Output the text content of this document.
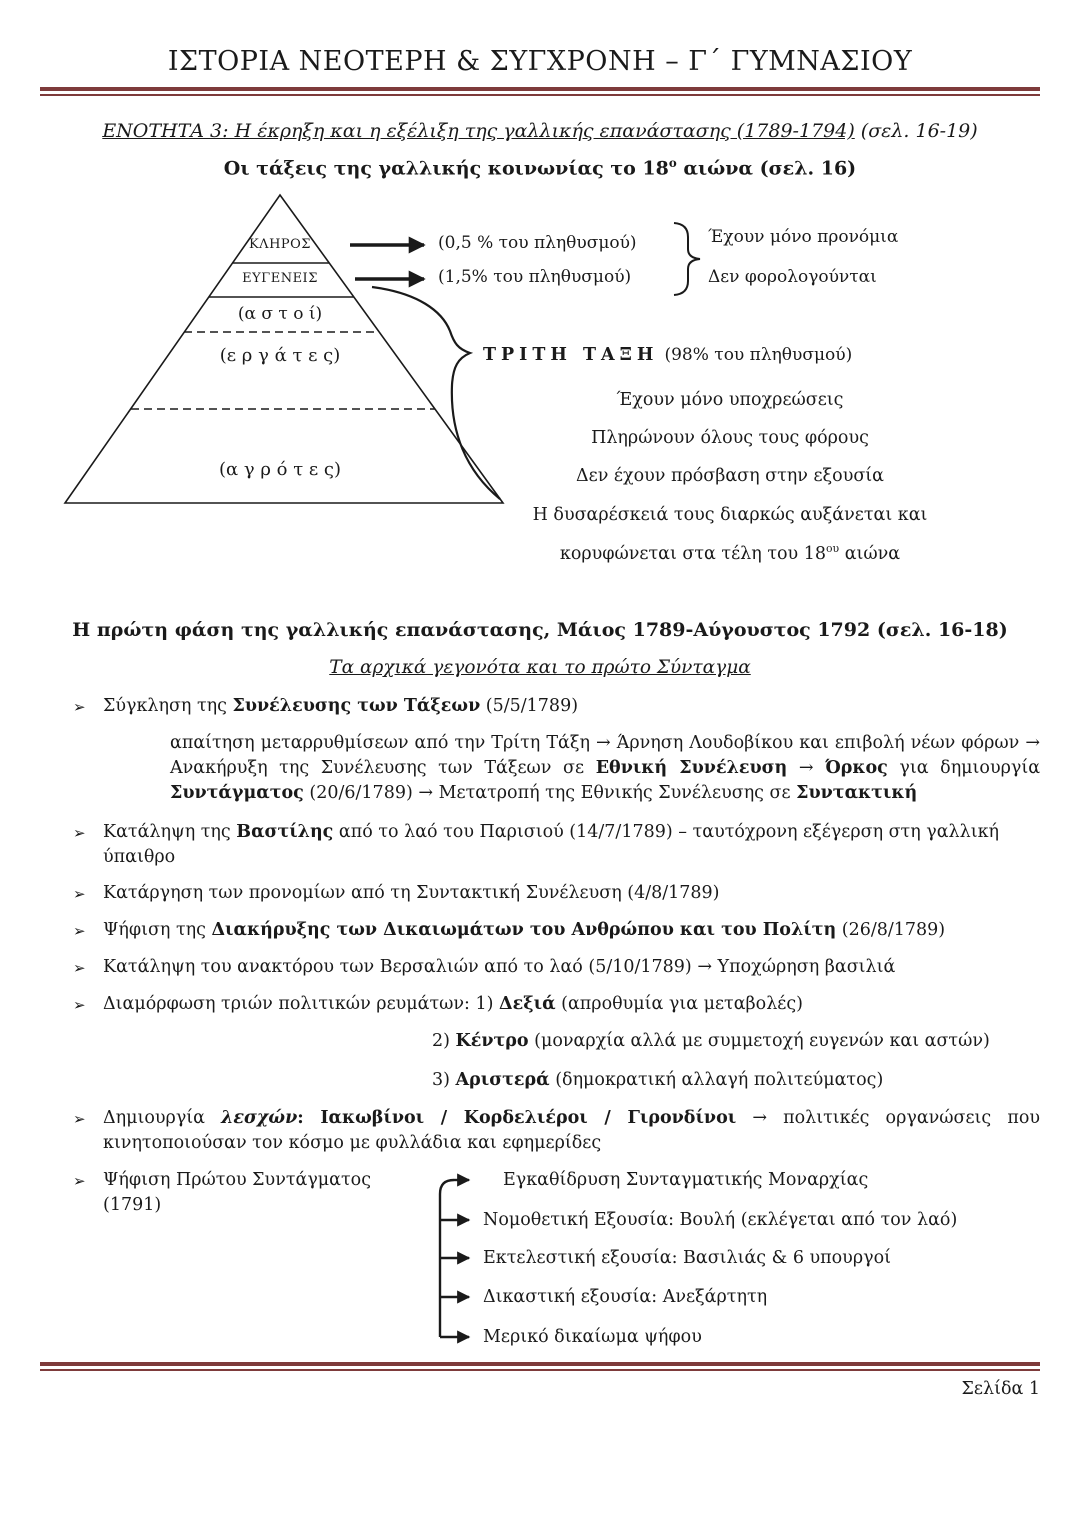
ΙΣΤΟΡΙΑ ΝΕΟΤΕΡΗ & ΣΥΓΧΡΟΝΗ – Γ΄ ΓΥΜΝΑΣΙΟΥ
ΕΝΟΤΗΤΑ 3: Η έκρηξη και η εξέλιξη της γαλλικής επανάστασης (1789-1794) (σελ. 16-19)
Οι τάξεις της γαλλικής κοινωνίας το $18^o$ αιώνα (σελ. 16)
ΚΛΗΡΟΣ
ΕΥΓΕΝΕΙΣ
(α σ τ ο ί)
(ε ρ γ ά τ ε ς)
(α γ ρ ό τ ε ς)
(0,5 % του πληθυσμού)
(1,5% του πληθυσμού)
Έχουν μόνο προνόμια
Δεν φορολογούνται
ΤΡΙΤΗ ΤΑΞΗ (98% του πληθυσμού)
Έχουν μόνο υποχρεώσεις
Πληρώνουν όλους τους φόρους
Δεν έχουν πρόσβαση στην εξουσία
Η δυσαρέσκειά τους διαρκώς αυξάνεται και
κορυφώνεται στα τέλη του $18^{o\upsilon}$ αιώνα
Η πρώτη φάση της γαλλικής επανάστασης, Μάιος 1789-Αύγουστος 1792 (σελ. 16-18)
Τα αρχικά γεγονότα και το πρώτο Σύνταγμα
➢ Σύγκληση της Συνέλευσης των Τάξεων (5/5/1789)
απαίτηση μεταρρυθμίσεων από την Τρίτη Τάξη → Άρνηση Λουδοβίκου και επιβολή νέων φόρων → Ανακήρυξη της Συνέλευσης των Τάξεων σε Εθνική Συνέλευση → Όρκος για δημιουργία Συντάγματος (20/6/1789) → Μετατροπή της Εθνικής Συνέλευσης σε Συντακτική
➢ Κατάληψη της Βαστίλης από το λαό του Παρισιού (14/7/1789) – ταυτόχρονη εξέγερση στη γαλλική ύπαιθρο
➢ Κατάργηση των προνομίων από τη Συντακτική Συνέλευση (4/8/1789)
➢ Ψήφιση της Διακήρυξης των Δικαιωμάτων του Ανθρώπου και του Πολίτη (26/8/1789)
➢ Κατάληψη του ανακτόρου των Βερσαλιών από το λαό (5/10/1789) → Υποχώρηση βασιλιά
➢ Διαμόρφωση τριών πολιτικών ρευμάτων: 1) Δεξιά (απροθυμία για μεταβολές)
2) Κέντρο (μοναρχία αλλά με συμμετοχή ευγενών και αστών)
3) Αριστερά (δημοκρατική αλλαγή πολιτεύματος)
➢ Δημιουργία λεσχών: Ιακωβίνοι / Κορδελιέροι / Γιρονδίνοι → πολιτικές οργανώσεις που κινητοποιούσαν τον κόσμο με φυλλάδια και εφημερίδες
➢ Ψήφιση Πρώτου Συντάγματος (1791)
Εγκαθίδρυση Συνταγματικής Μοναρχίας
Νομοθετική Εξουσία: Βουλή (εκλέγεται από τον λαό)
Εκτελεστική εξουσία: Βασιλιάς & 6 υπουργοί
Δικαστική εξουσία: Ανεξάρτητη
Μερικό δικαίωμα ψήφου
Σελίδα 1
